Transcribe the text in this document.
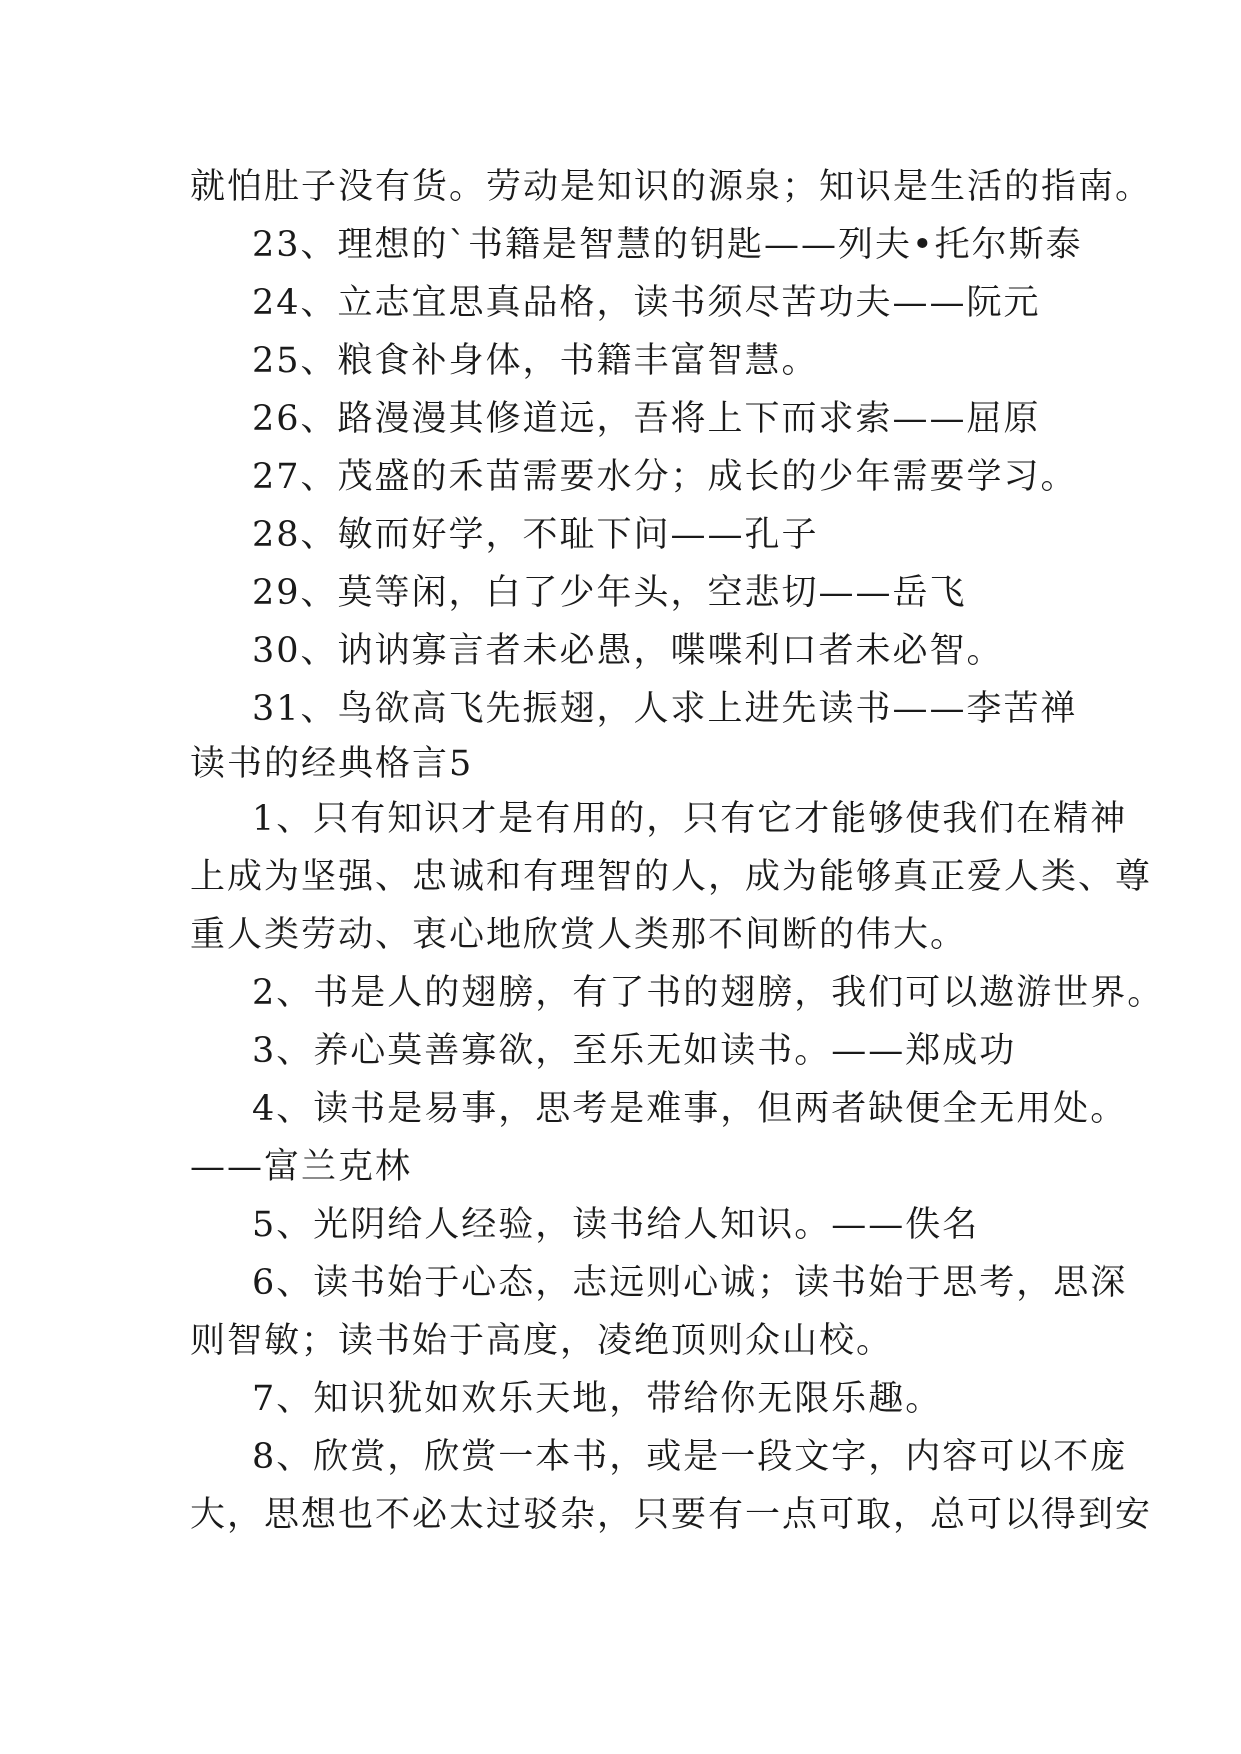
就怕肚子没有货。劳动是知识的源泉；知识是生活的指南。

23、理想的`书籍是智慧的钥匙——列夫•托尔斯泰

24、立志宜思真品格，读书须尽苦功夫——阮元

25、粮食补身体，书籍丰富智慧。

26、路漫漫其修道远，吾将上下而求索——屈原

27、茂盛的禾苗需要水分；成长的少年需要学习。

28、敏而好学，不耻下问——孔子

29、莫等闲，白了少年头，空悲切——岳飞

30、讷讷寡言者未必愚，喋喋利口者未必智。

31、鸟欲高飞先振翅，人求上进先读书——李苦禅

读书的经典格言5

1、只有知识才是有用的，只有它才能够使我们在精神

上成为坚强、忠诚和有理智的人，成为能够真正爱人类、尊

重人类劳动、衷心地欣赏人类那不间断的伟大。

2、书是人的翅膀，有了书的翅膀，我们可以遨游世界。

3、养心莫善寡欲，至乐无如读书。——郑成功

4、读书是易事，思考是难事，但两者缺便全无用处。

——富兰克林

5、光阴给人经验，读书给人知识。——佚名

6、读书始于心态，志远则心诚；读书始于思考，思深

则智敏；读书始于高度，凌绝顶则众山校。

7、知识犹如欢乐天地，带给你无限乐趣。

8、欣赏，欣赏一本书，或是一段文字，内容可以不庞

大，思想也不必太过驳杂，只要有一点可取，总可以得到安
